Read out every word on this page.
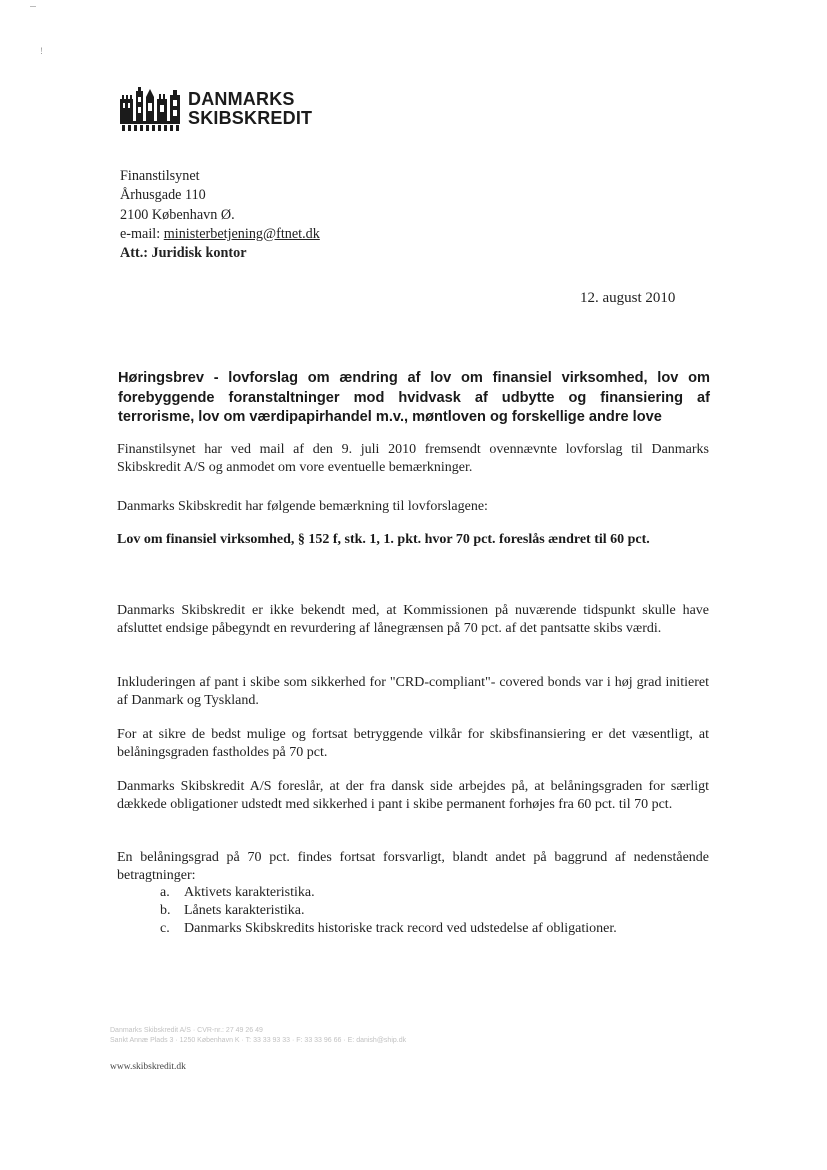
!
DANMARKS
SKIBSKREDIT
Finanstilsynet
Århusgade 110
2100 København Ø.
e-mail: ministerbetjening@ftnet.dk
Att.: Juridisk kontor
12. august 2010
Høringsbrev - lovforslag om ændring af lov om finansiel virksomhed, lov om forebyggende foranstaltninger mod hvidvask af udbytte og finansiering af terrorisme, lov om værdipapirhandel m.v., møntloven og forskellige andre love
Finanstilsynet har ved mail af den 9. juli 2010 fremsendt ovennævnte lovforslag til Danmarks Skibskredit A/S og anmodet om vore eventuelle bemærkninger.
Danmarks Skibskredit har følgende bemærkning til lovforslagene:
Lov om finansiel virksomhed, § 152 f, stk. 1, 1. pkt. hvor 70 pct. foreslås ændret til 60 pct.
Danmarks Skibskredit er ikke bekendt med, at Kommissionen på nuværende tidspunkt skulle have afsluttet endsige påbegyndt en revurdering af lånegrænsen på 70 pct. af det pantsatte skibs værdi.
Inkluderingen af pant i skibe som sikkerhed for "CRD-compliant"- covered bonds var i høj grad initieret af Danmark og Tyskland.
For at sikre de bedst mulige og fortsat betryggende vilkår for skibsfinansiering er det væsentligt, at belåningsgraden fastholdes på 70 pct.
Danmarks Skibskredit A/S foreslår, at der fra dansk side arbejdes på, at belåningsgraden for særligt dækkede obligationer udstedt med sikkerhed i pant i skibe permanent forhøjes fra 60 pct. til 70 pct.
En belåningsgrad på 70 pct. findes fortsat forsvarligt, blandt andet på baggrund af nedenstående betragtninger:
a.	Aktivets karakteristika.
b. Lånets karakteristika.
c.	Danmarks Skibskredits historiske track record ved udstedelse af obligationer.
Danmarks Skibskredit A/S · CVR-nr.: 27 49 26 49
Sankt Annæ Plads 3 · 1250 København K · T: 33 33 93 33 · F: 33 33 96 66 · E: danish@ship.dk
www.skibskredit.dk
